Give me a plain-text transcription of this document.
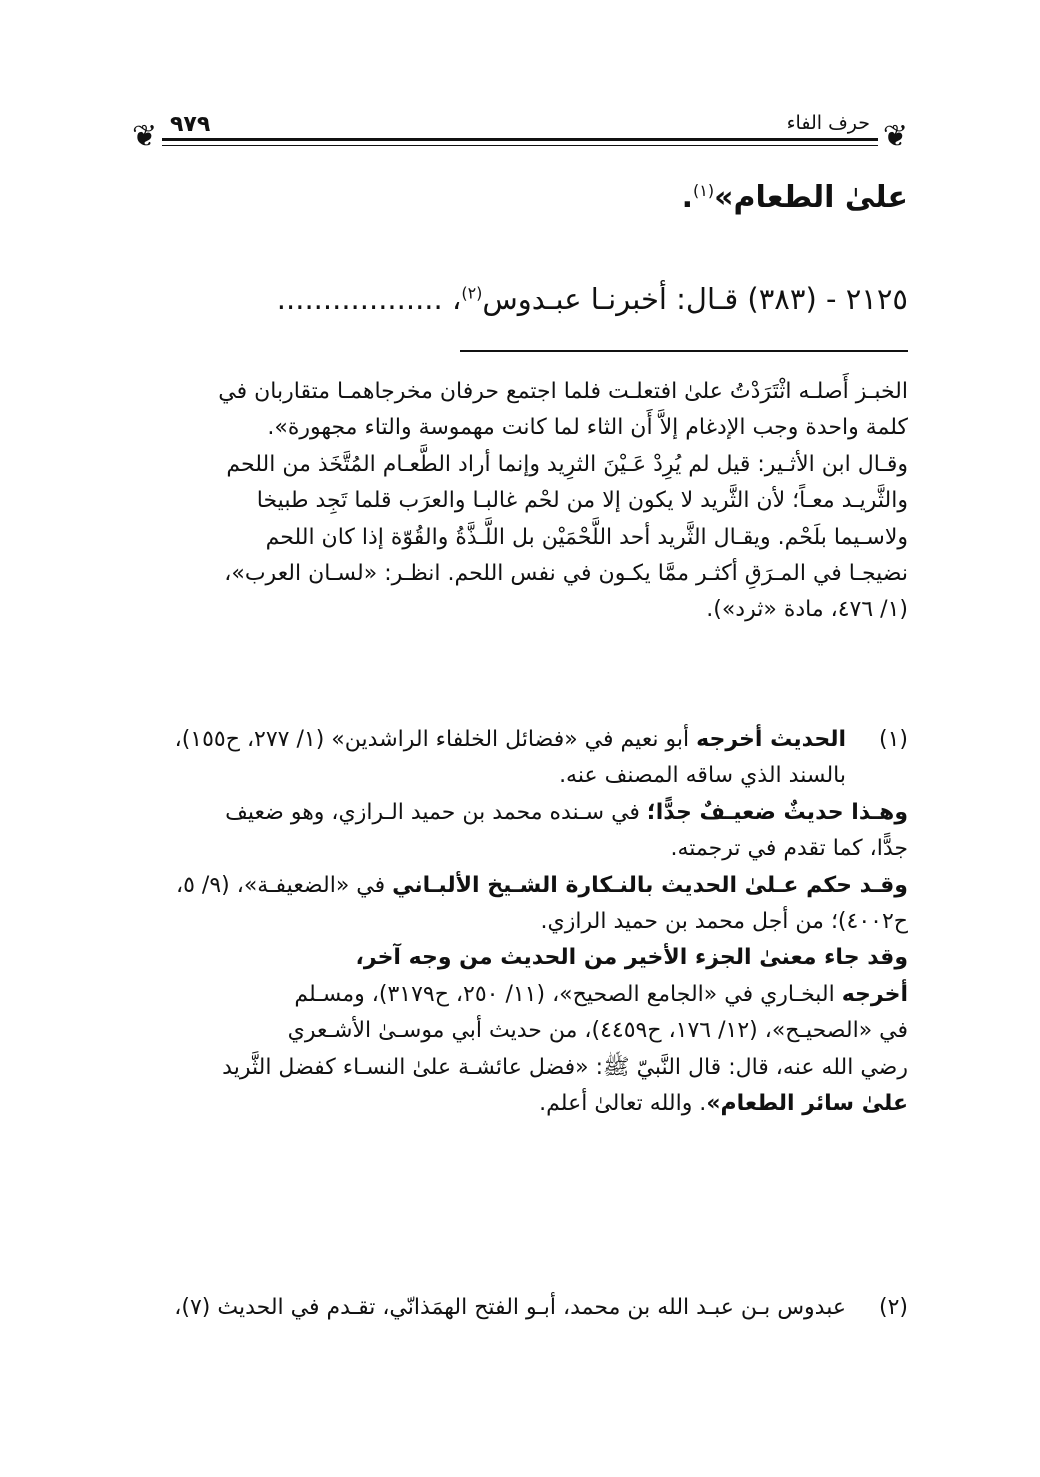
❦
❦	حرف الفاء
٩٧٩
علىٰ الطعام»$^{(١)}$.
٢١٢٥ - (٣٨٣) قـال: أخبرنـا عبـدوس$^{(٢)}$، ..................
الخبـز أَصلـه اثْتَرَدْتُ علىٰ افتعلـت فلما اجتمع حرفان مخرجاهمـا متقاربان في
كلمة واحدة وجب الإدغام إلاَّ أَن الثاء لما كانت مهموسة والتاء مجهورة».
وقـال ابن الأثـير: قيل لم يُرِدْ عَـيْنَ الثرِيد وإنما أراد الطَّعـام المُتَّخَذ من اللحم
والثَّريـد معـاً؛ لأن الثَّريد لا يكون إلا من لحْم غالبـا والعرَب قلما تَجِد طبيخا
ولاسـيما بلَحْم. ويقـال الثَّريد أحد اللَّحْمَيْن بل اللَّـذَّةُ والقُوّة إذا كان اللحم
نضيجـا في المـرَقِ أكثـر ممَّا يكـون في نفس اللحم. انظـر: «لسـان العرب»،
(١/ ٤٧٦، مادة «ثرد»).
(١)
الحديث أخرجه أبو نعيم في «فضائل الخلفاء الراشدين» (١/ ٢٧٧، ح١٥٥)،
بالسند الذي ساقه المصنف عنه.
وهـذا حديثٌ ضعيـفٌ جدًّا؛ في سـنده محمد بن حميد الـرازي، وهو ضعيف
جدًّا، كما تقدم في ترجمته.
وقـد حكم عـلىٰ الحديث بالنـكارة الشـيخ الألبـاني في «الضعيفـة»، (٩/ ٥،
ح٤٠٠٢)؛ من أجل محمد بن حميد الرازي.
وقد جاء معنىٰ الجزء الأخير من الحديث من وجه آخر،
أخرجه البخـاري في «الجامع الصحيح»، (١١/ ٢٥٠، ح٣١٧٩)، ومسـلم
في «الصحيـح»، (١٢/ ١٧٦، ح٤٤٥٩)، من حديث أبي موسـىٰ الأشـعري
رضي الله عنه، قال: قال النَّبيّ ﷺ: «فضل عائشـة علىٰ النسـاء كفضل الثَّريد
علىٰ سائر الطعام». والله تعالىٰ أعلم.
(٢)
عبدوس بـن عبـد الله بن محمد، أبـو الفتح الهمَذانّي، تقـدم في الحديث (٧)،
